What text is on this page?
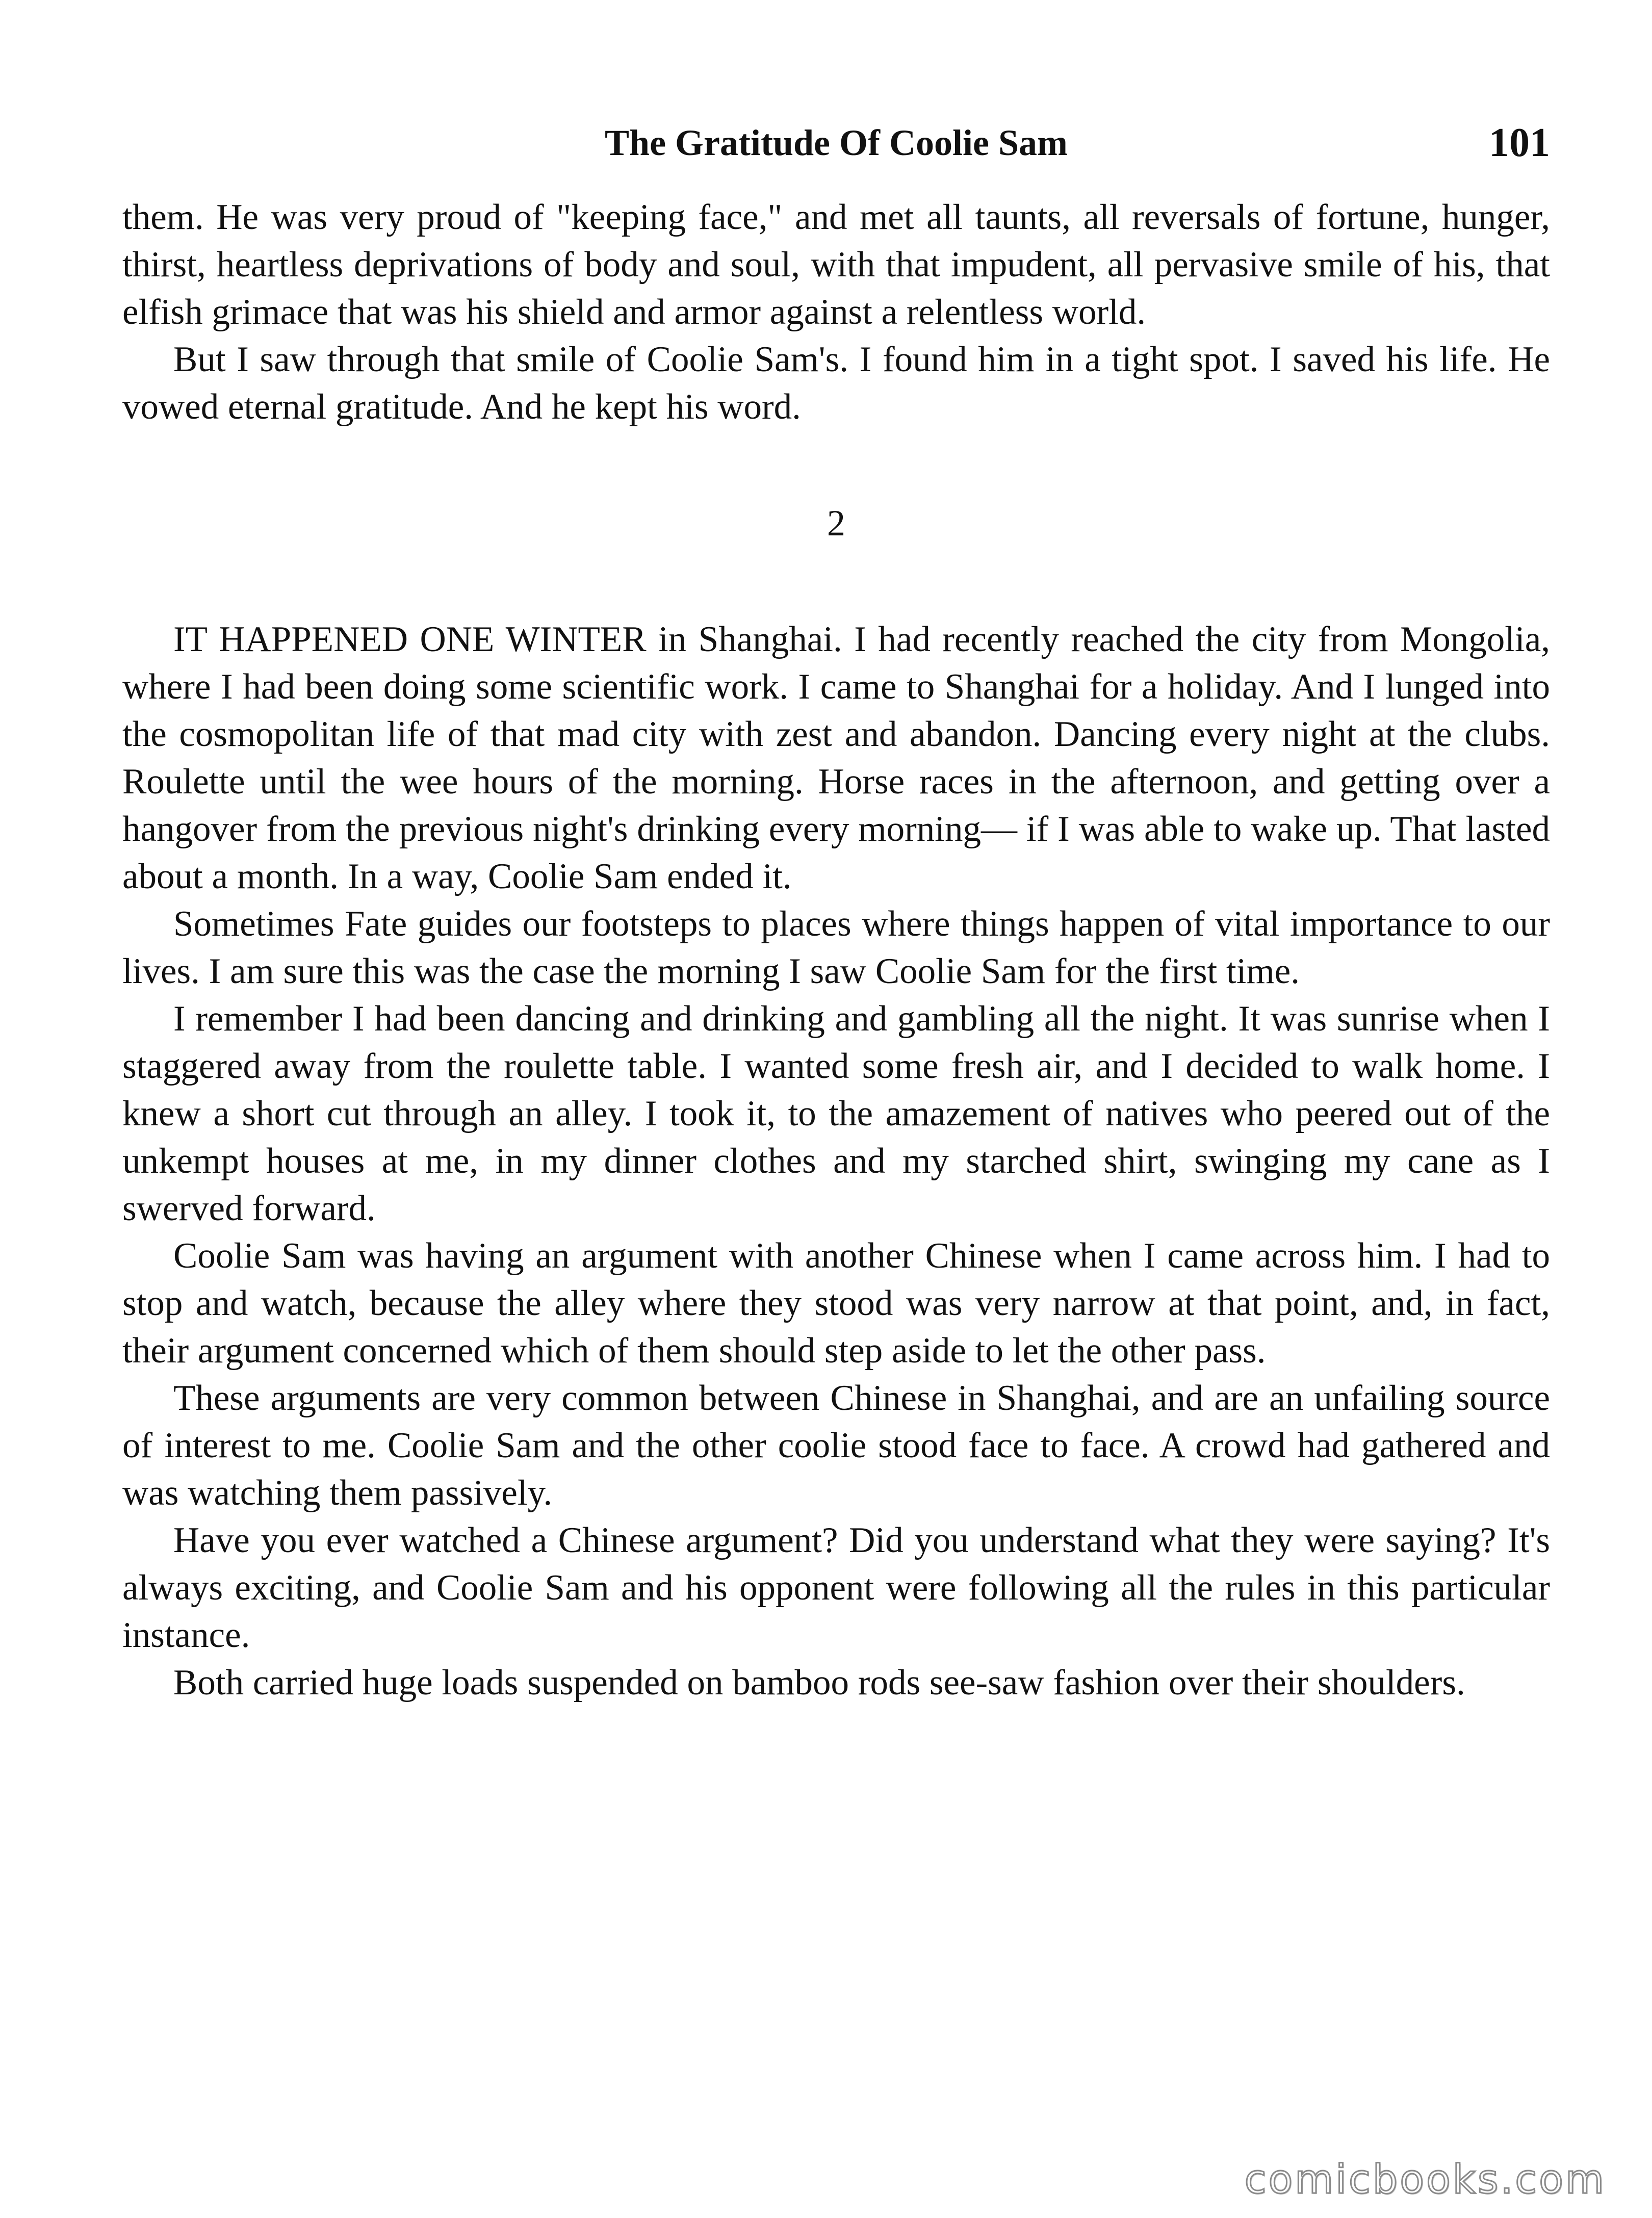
The Gratitude Of Coolie Sam	101

them. He was very proud of "keeping face," and met all taunts, all reversals of fortune, hunger, thirst, heartless deprivations of body and soul, with that impudent, all pervasive smile of his, that elfish grimace that was his shield and armor against a relentless world.

But I saw through that smile of Coolie Sam's. I found him in a tight spot. I saved his life. He vowed eternal gratitude. And he kept his word.

2

IT HAPPENED ONE WINTER in Shanghai. I had recently reached the city from Mongolia, where I had been doing some scientific work. I came to Shanghai for a holiday. And I lunged into the cosmopolitan life of that mad city with zest and abandon. Dancing every night at the clubs. Roulette until the wee hours of the morning. Horse races in the afternoon, and getting over a hangover from the previous night's drinking every morning— if I was able to wake up. That lasted about a month. In a way, Coolie Sam ended it.

Sometimes Fate guides our footsteps to places where things happen of vital importance to our lives. I am sure this was the case the morning I saw Coolie Sam for the first time.

I remember I had been dancing and drinking and gambling all the night. It was sunrise when I staggered away from the roulette table. I wanted some fresh air, and I decided to walk home. I knew a short cut through an alley. I took it, to the amazement of natives who peered out of the unkempt houses at me, in my dinner clothes and my starched shirt, swinging my cane as I swerved forward.

Coolie Sam was having an argument with another Chinese when I came across him. I had to stop and watch, because the alley where they stood was very narrow at that point, and, in fact, their argument concerned which of them should step aside to let the other pass.

These arguments are very common between Chinese in Shanghai, and are an unfailing source of interest to me. Coolie Sam and the other coolie stood face to face. A crowd had gathered and was watching them passively.

Have you ever watched a Chinese argument? Did you understand what they were saying? It's always exciting, and Coolie Sam and his opponent were following all the rules in this particular instance.

Both carried huge loads suspended on bamboo rods see-saw fashion over their shoulders.

comicbooks.com
